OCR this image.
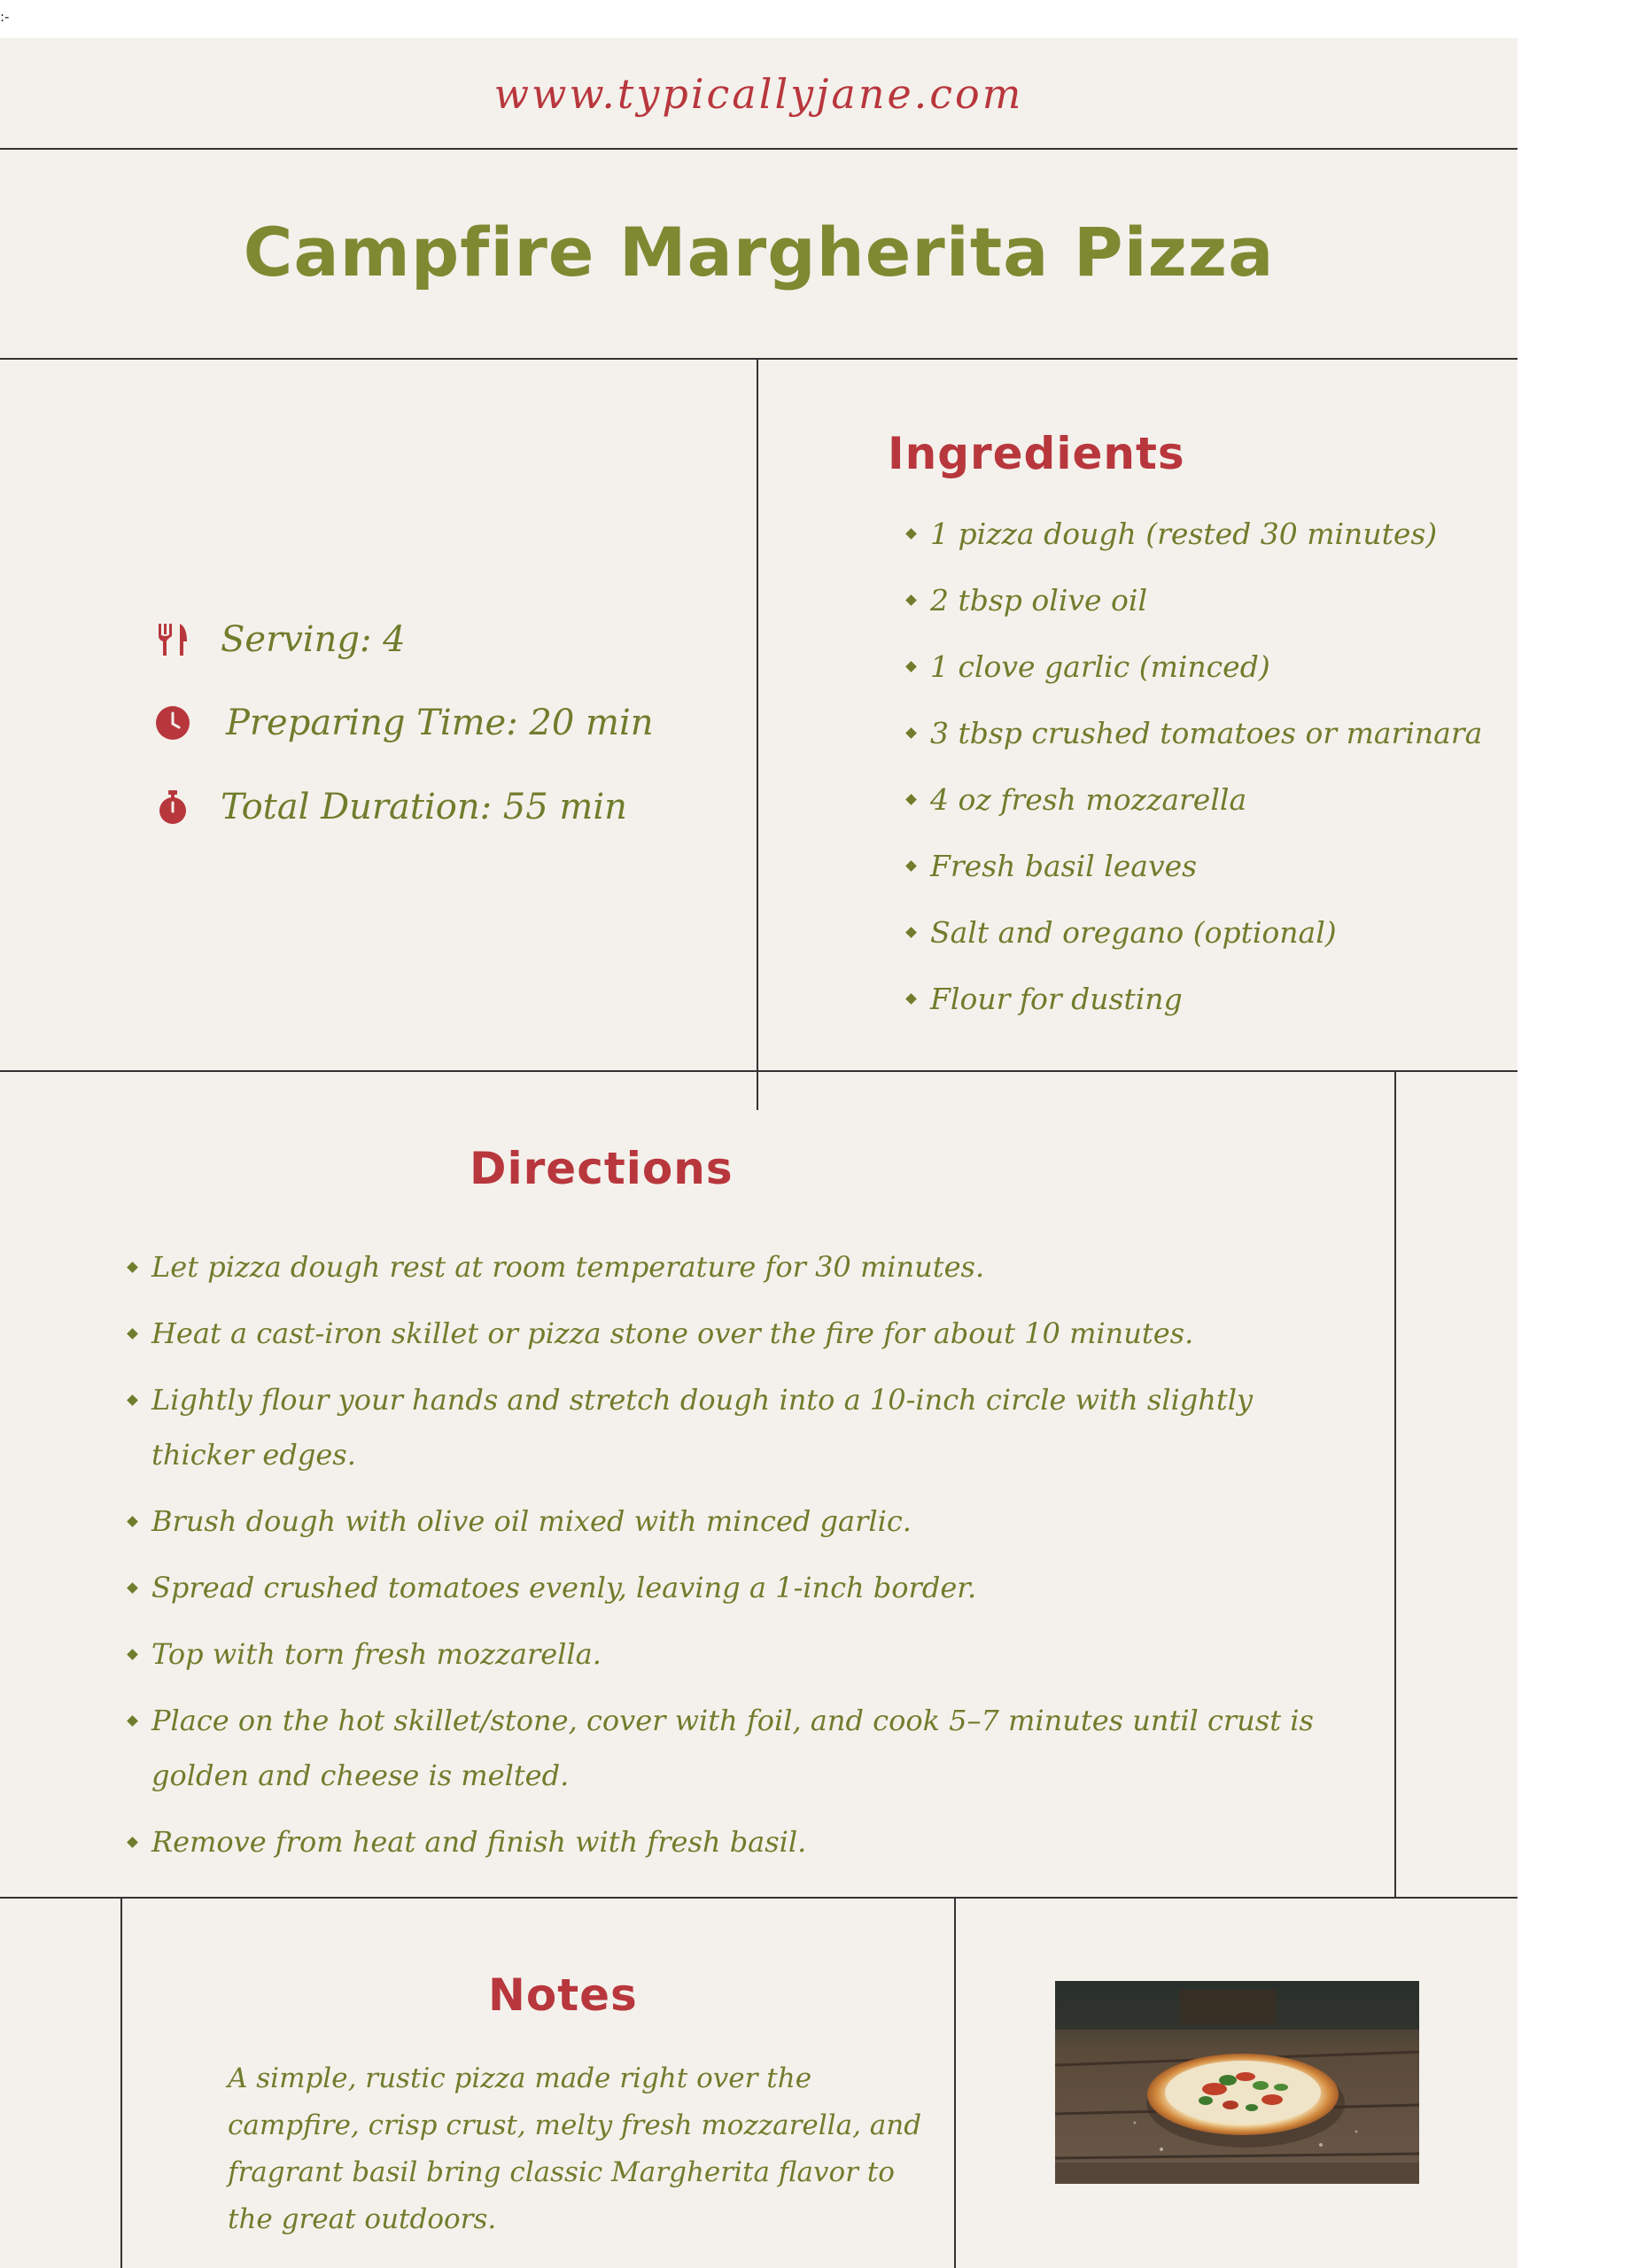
:-
www.typicallyjane.com
Campfire Margherita Pizza
Serving: 4
Preparing Time: 20 min
Total Duration: 55 min
Ingredients
1 pizza dough (rested 30 minutes)
2 tbsp olive oil
1 clove garlic (minced)
3 tbsp crushed tomatoes or marinara
4 oz fresh mozzarella
Fresh basil leaves
Salt and oregano (optional)
Flour for dusting
Directions
Let pizza dough rest at room temperature for 30 minutes.
Heat a cast-iron skillet or pizza stone over the fire for about 10 minutes.
Lightly flour your hands and stretch dough into a 10-inch circle with slightly thicker edges.
Brush dough with olive oil mixed with minced garlic.
Spread crushed tomatoes evenly, leaving a 1-inch border.
Top with torn fresh mozzarella.
Place on the hot skillet/stone, cover with foil, and cook 5–7 minutes until crust is golden and cheese is melted.
Remove from heat and finish with fresh basil.
Notes
A simple, rustic pizza made right over the campfire, crisp crust, melty fresh mozzarella, and fragrant basil bring classic Margherita flavor to the great outdoors.
